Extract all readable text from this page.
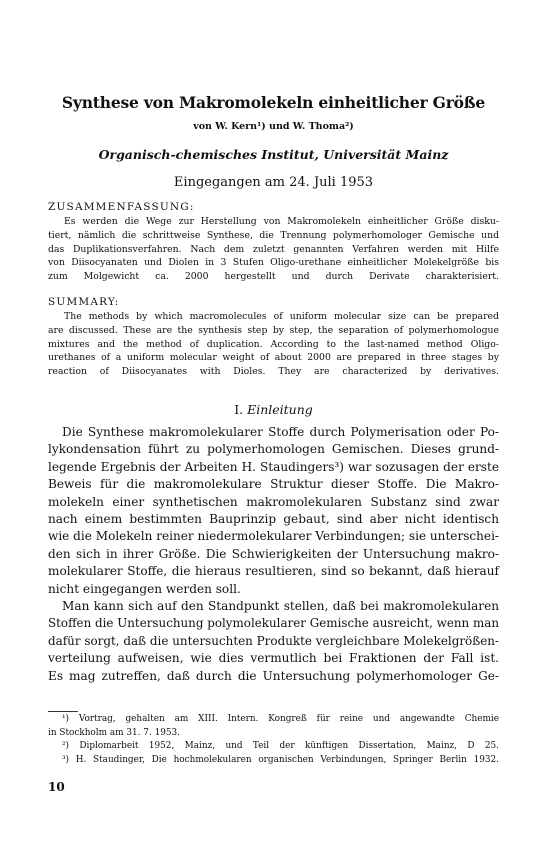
Synthese von Makromolekeln einheitlicher Größe
von W. Kern¹) und W. Thoma²)
Organisch-chemisches Institut, Universität Mainz
Eingegangen am 24. Juli 1953
ZUSAMMENFASSUNG:
Es werden die Wege zur Herstellung von Makromolekeln einheitlicher Größe disku-
tiert, nämlich die schrittweise Synthese, die Trennung polymerhomologer Gemische und
das Duplikationsverfahren. Nach dem zuletzt genannten Verfahren werden mit Hilfe
von Diisocyanaten und Diolen in 3 Stufen Oligo-urethane einheitlicher Molekelgröße bis
zum Molgewicht ca. 2000 hergestellt und durch Derivate charakterisiert.
SUMMARY:
The methods by which macromolecules of uniform molecular size can be prepared
are discussed. These are the synthesis step by step, the separation of polymerhomologue
mixtures and the method of duplication. According to the last-named method Oligo-
urethanes of a uniform molecular weight of about 2000 are prepared in three stages by
reaction of Diisocyanates with Dioles. They are characterized by derivatives.
I. Einleitung
Die Synthese makromolekularer Stoffe durch Polymerisation oder Po-
lykondensation führt zu polymerhomologen Gemischen. Dieses grund-
legende Ergebnis der Arbeiten H. Staudingers³) war sozusagen der erste
Beweis für die makromolekulare Struktur dieser Stoffe. Die Makro-
molekeln einer synthetischen makromolekularen Substanz sind zwar
nach einem bestimmten Bauprinzip gebaut, sind aber nicht identisch
wie die Molekeln reiner niedermolekularer Verbindungen; sie unterschei-
den sich in ihrer Größe. Die Schwierigkeiten der Untersuchung makro-
molekularer Stoffe, die hieraus resultieren, sind so bekannt, daß hierauf
nicht eingegangen werden soll.
Man kann sich auf den Standpunkt stellen, daß bei makromolekularen
Stoffen die Untersuchung polymolekularer Gemische ausreicht, wenn man
dafür sorgt, daß die untersuchten Produkte vergleichbare Molekelgrößen-
verteilung aufweisen, wie dies vermutlich bei Fraktionen der Fall ist.
Es mag zutreffen, daß durch die Untersuchung polymerhomologer Ge-
¹) Vortrag, gehalten am XIII. Intern. Kongreß für reine und angewandte Chemie
in Stockholm am 31. 7. 1953.
²) Diplomarbeit 1952, Mainz, und Teil der künftigen Dissertation, Mainz, D 25.
³) H. Staudinger, Die hochmolekularen organischen Verbindungen, Springer Berlin 1932.
10
